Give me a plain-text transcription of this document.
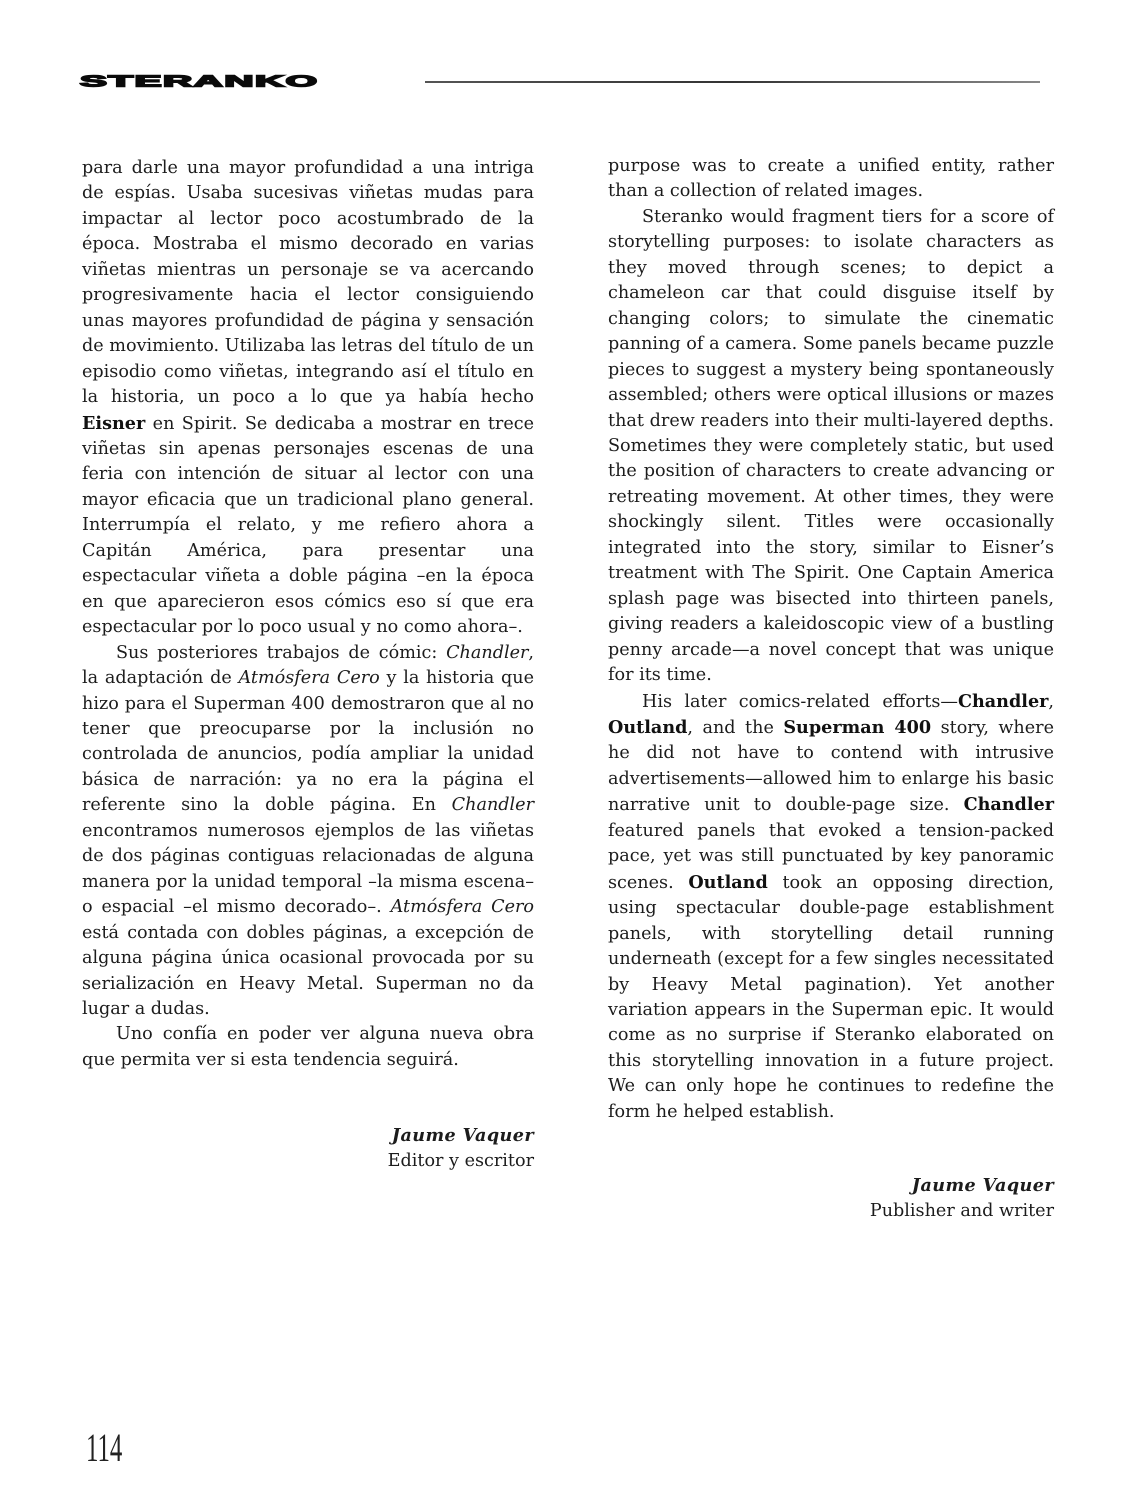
STERANKO

para darle una mayor profundidad a una intriga de espías. Usaba sucesivas viñetas mudas para impactar al lector poco acostumbrado de la época. Mostraba el mismo decorado en varias viñetas mientras un personaje se va acercando progresivamente hacia el lector consiguiendo unas mayores profundidad de página y sensación de movimiento. Utilizaba las letras del título de un episodio como viñetas, integrando así el título en la historia, un poco a lo que ya había hecho Eisner en Spirit. Se dedicaba a mostrar en trece viñetas sin apenas personajes escenas de una feria con intención de situar al lector con una mayor eficacia que un tradicional plano general. Interrumpía el relato, y me refiero ahora a Capitán América, para presentar una espectacular viñeta a doble página –en la época en que aparecieron esos cómics eso sí que era espectacular por lo poco usual y no como ahora–.

Sus posteriores trabajos de cómic: Chandler, la adaptación de Atmósfera Cero y la historia que hizo para el Superman 400 demostraron que al no tener que preocuparse por la inclusión no controlada de anuncios, podía ampliar la unidad básica de narración: ya no era la página el referente sino la doble página. En Chandler encontramos numerosos ejemplos de las viñetas de dos páginas contiguas relacionadas de alguna manera por la unidad temporal –la misma escena– o espacial –el mismo decorado–. Atmósfera Cero está contada con dobles páginas, a excepción de alguna página única ocasional provocada por su serialización en Heavy Metal. Superman no da lugar a dudas.

Uno confía en poder ver alguna nueva obra que permita ver si esta tendencia seguirá.

Jaume Vaquer
Editor y escritor

purpose was to create a unified entity, rather than a collection of related images.

Steranko would fragment tiers for a score of storytelling purposes: to isolate characters as they moved through scenes; to depict a chameleon car that could disguise itself by changing colors; to simulate the cinematic panning of a camera. Some panels became puzzle pieces to suggest a mystery being spontaneously assembled; others were optical illusions or mazes that drew readers into their multi-layered depths. Sometimes they were completely static, but used the position of characters to create advancing or retreating movement. At other times, they were shockingly silent. Titles were occasionally integrated into the story, similar to Eisner’s treatment with The Spirit. One Captain America splash page was bisected into thirteen panels, giving readers a kaleidoscopic view of a bustling penny arcade—a novel concept that was unique for its time.

His later comics-related efforts—Chandler, Outland, and the Superman 400 story, where he did not have to contend with intrusive advertisements—allowed him to enlarge his basic narrative unit to double-page size. Chandler featured panels that evoked a tension-packed pace, yet was still punctuated by key panoramic scenes. Outland took an opposing direction, using spectacular double-page establishment panels, with storytelling detail running underneath (except for a few singles necessitated by Heavy Metal pagination). Yet another variation appears in the Superman epic. It would come as no surprise if Steranko elaborated on this storytelling innovation in a future project. We can only hope he continues to redefine the form he helped establish.

Jaume Vaquer
Publisher and writer
114
